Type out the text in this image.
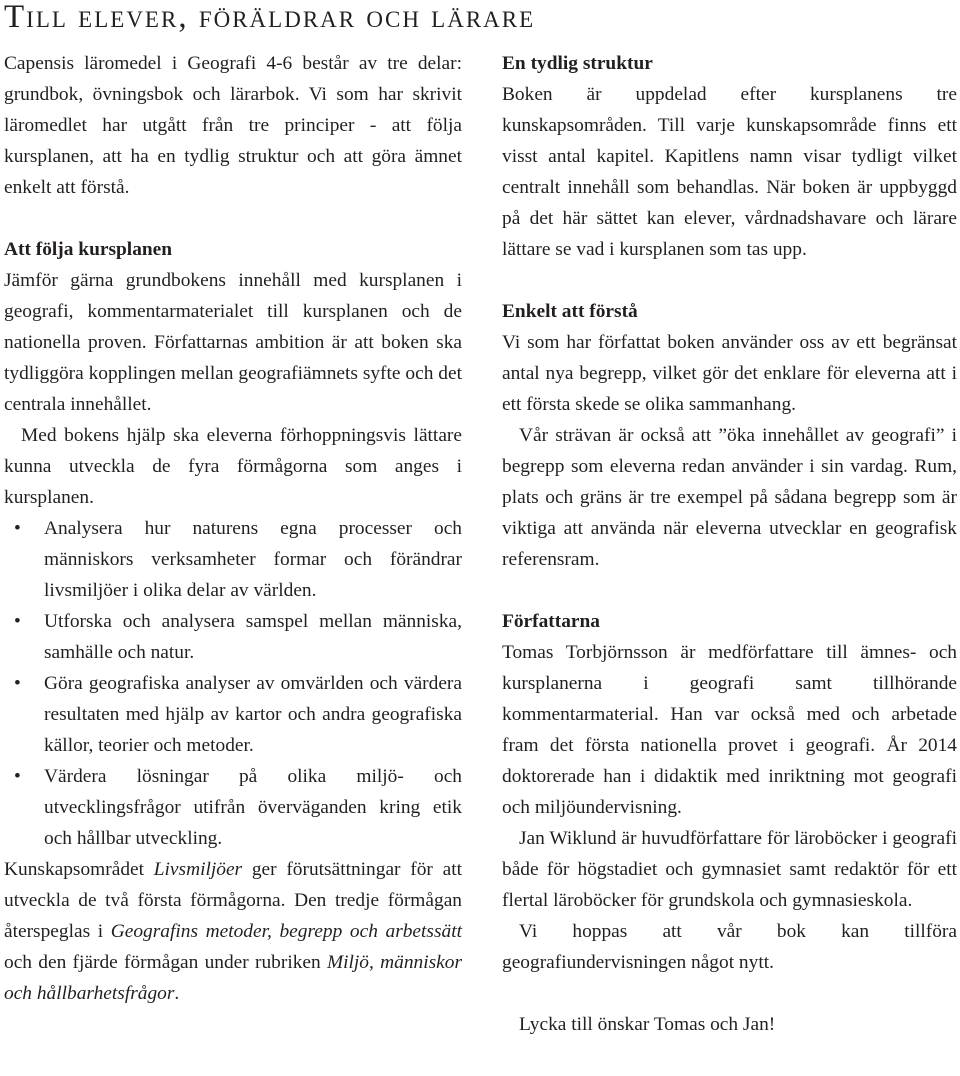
Till elever, föräldrar och lärare

Capensis läromedel i Geografi 4-6 består av tre delar: grundbok, övningsbok och lärarbok. Vi som har skrivit läromedlet har utgått från tre principer - att följa kursplanen, att ha en tydlig struktur och att göra ämnet enkelt att förstå.

Att följa kursplanen

Jämför gärna grundbokens innehåll med kursplanen i geografi, kommentarmaterialet till kursplanen och de nationella proven. Författarnas ambition är att boken ska tydliggöra kopplingen mellan geografiämnets syfte och det centrala innehållet.

Med bokens hjälp ska eleverna förhoppningsvis lättare kunna utveckla de fyra förmågorna som anges i kursplanen.

• Analysera hur naturens egna processer och människors verksamheter formar och förändrar livsmiljöer i olika delar av världen.
• Utforska och analysera samspel mellan människa, samhälle och natur.
• Göra geografiska analyser av omvärlden och värdera resultaten med hjälp av kartor och andra geografiska källor, teorier och metoder.
• Värdera lösningar på olika miljö- och utvecklingsfrågor utifrån överväganden kring etik och hållbar utveckling.

Kunskapsområdet Livsmiljöer ger förutsättningar för att utveckla de två första förmågorna. Den tredje förmågan återspeglas i Geografins metoder, begrepp och arbetssätt och den fjärde förmågan under rubriken Miljö, människor och hållbarhetsfrågor.

En tydlig struktur

Boken är uppdelad efter kursplanens tre kunskapsområden. Till varje kunskapsområde finns ett visst antal kapitel. Kapitlens namn visar tydligt vilket centralt innehåll som behandlas. När boken är uppbyggd på det här sättet kan elever, vårdnadshavare och lärare lättare se vad i kursplanen som tas upp.

Enkelt att förstå

Vi som har författat boken använder oss av ett begränsat antal nya begrepp, vilket gör det enklare för eleverna att i ett första skede se olika sammanhang.

Vår strävan är också att ”öka innehållet av geografi” i begrepp som eleverna redan använder i sin vardag. Rum, plats och gräns är tre exempel på sådana begrepp som är viktiga att använda när eleverna utvecklar en geografisk referensram.

Författarna

Tomas Torbjörnsson är medförfattare till ämnes- och kursplanerna i geografi samt tillhörande kommentarmaterial. Han var också med och arbetade fram det första nationella provet i geografi. År 2014 doktorerade han i didaktik med inriktning mot geografi och miljöundervisning.

Jan Wiklund är huvudförfattare för läroböcker i geografi både för högstadiet och gymnasiet samt redaktör för ett flertal läroböcker för grundskola och gymnasieskola.

Vi hoppas att vår bok kan tillföra geografiundervisningen något nytt.

Lycka till önskar Tomas och Jan!
